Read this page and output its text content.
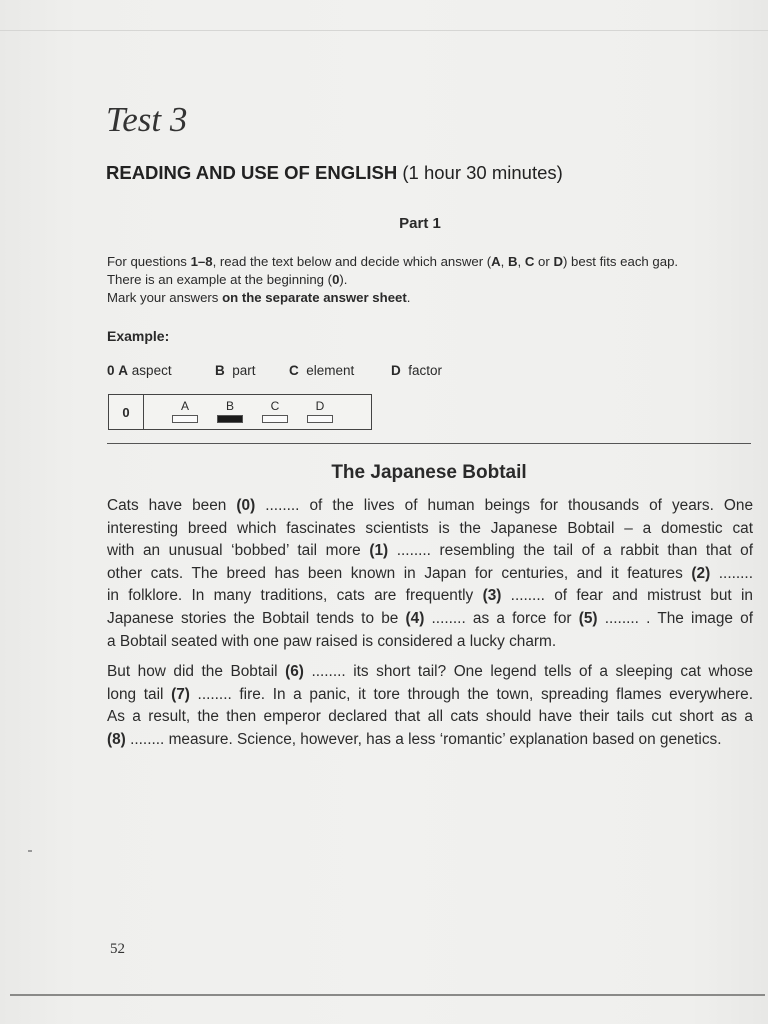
Test 3
READING AND USE OF ENGLISH (1 hour 30 minutes)
Part 1

For questions 1–8, read the text below and decide which answer (A, B, C or D) best fits each gap.

There is an example at the beginning (0).

Mark your answers on the separate answer sheet.

Example:
0 A aspect	B part C element	D factor
0	A	B	C	D
The Japanese Bobtail

Cats have been (0) ........ of the lives of human beings for thousands of years. One
interesting breed which fascinates scientists is the Japanese Bobtail – a domestic cat
with an unusual ‘bobbed’ tail more (1) ........ resembling the tail of a rabbit than that of
other cats. The breed has been known in Japan for centuries, and it features (2) ........
in folklore. In many traditions, cats are frequently (3) ........ of fear and mistrust but in
Japanese stories the Bobtail tends to be (4) ........ as a force for (5) ........ . The image of
a Bobtail seated with one paw raised is considered a lucky charm.

But how did the Bobtail (6) ........ its short tail? One legend tells of a sleeping cat whose
long tail (7) ........ fire. In a panic, it tore through the town, spreading flames everywhere.
As a result, the then emperor declared that all cats should have their tails cut short as a
(8) ........ measure. Science, however, has a less ‘romantic’ explanation based on genetics.

52
